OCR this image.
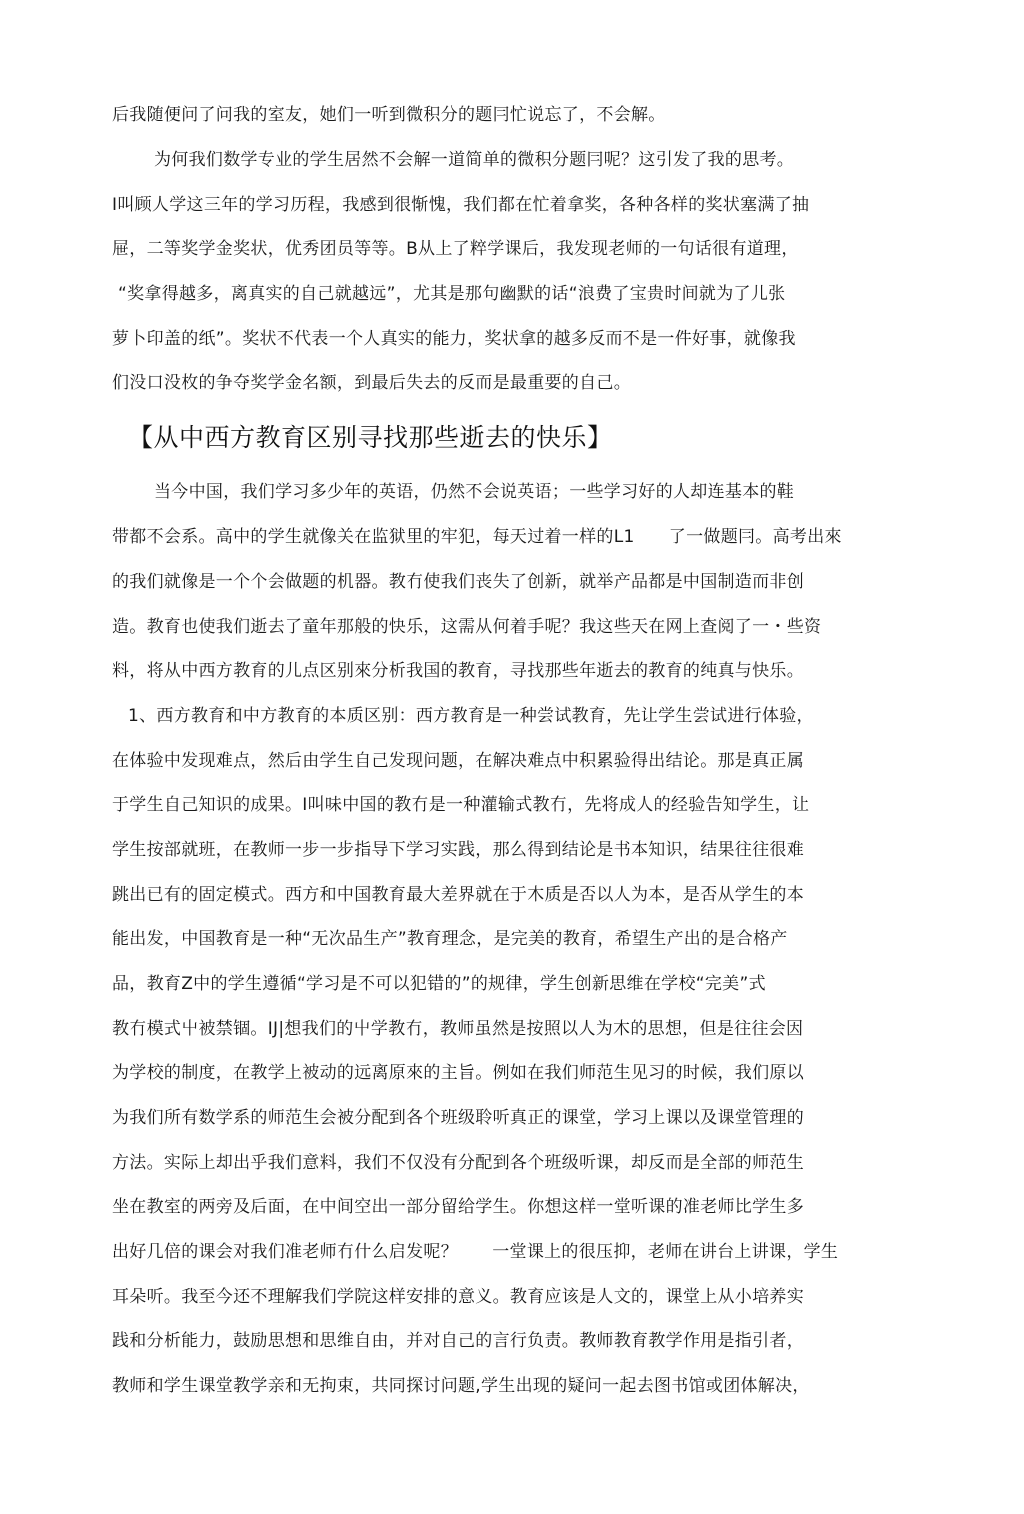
后我随便问了问我的室友，她们一听到微积分的题冃忙说忘了，不会解。
为何我们数学专业的学生居然不会解一道简单的微积分题冃呢？这引发了我的思考。
I叫顾人学这三年的学习历程，我感到很惭愧，我们都在忙着拿奖，各种各样的奖状塞满了抽
屉，二等奖学金奖状，优秀团员等等。B从上了粹学课后，我发现老师的一句话很有道理，
“奖拿得越多，离真实的自己就越远”，尤其是那句幽默的话“浪费了宝贵时间就为了儿张
萝卜印盖的纸”。奖状不代表一个人真实的能力，奖状拿的越多反而不是一件好事，就像我
们没口没枚的争夺奖学金名额，到最后失去的反而是最重要的自己。
【从中西方教育区别寻找那些逝去的快乐】
当今中国，我们学习多少年的英语，仍然不会说英语；一些学习好的人却连基本的鞋
带都不会系。高中的学生就像关在监狱里的牢犯，每天过着一样的L1      了一做题冃。高考出來
的我们就像是一个个会做题的机器。教冇使我们丧失了创新，就举产品都是中国制造而非创
造。教育也使我们逝去了童年那般的快乐，这需从何着手呢？我这些天在网上查阅了一・些资
料，将从中西方教育的儿点区别來分析我国的教育，寻找那些年逝去的教育的纯真与快乐。
1、西方教育和中方教育的本质区别：西方教育是一种尝试教育，先让学生尝试进行体验，
在体验中发现难点，然后由学生自己发现问题，在解决难点中积累验得出结论。那是真正属
于学生自己知识的成果。I叫味中国的教冇是一种灌输式教冇，先将成人的经验告知学生，让
学生按部就班，在教师一步一步指导下学习实践，那么得到结论是书本知识，结果往往很难
跳出已有的固定模式。西方和中国教育最大差界就在于木质是否以人为本，是否从学生的本
能出发，中国教育是一种“无次品生产”教育理念，是完美的教育，希望生产出的是合格产
品，教育Z中的学生遵循“学习是不可以犯错的”的规律，学生创新思维在学校“完美”式
教冇模式屮被禁锢。IJ|想我们的屮学教冇，教师虽然是按照以人为木的思想，但是往往会因
为学校的制度，在教学上被动的远离原來的主旨。例如在我们师范生见习的时候，我们原以
为我们所有数学系的师范生会被分配到各个班级聆听真正的课堂，学习上课以及课堂管理的
方法。实际上却出乎我们意料，我们不仅没有分配到各个班级听课，却反而是全部的师范生
坐在教室的两旁及后面，在中间空出一部分留给学生。你想这样一堂听课的准老师比学生多
出好几倍的课会对我们准老师冇什么启发呢？      一堂课上的很压抑，老师在讲台上讲课，学生
耳朵听。我至今还不理解我们学院这样安排的意义。教育应该是人文的，课堂上从小培养实
践和分析能力，鼓励思想和思维自由，并对自己的言行负责。教师教育教学作用是指引者，
教师和学生课堂教学亲和无拘束，共同探讨问题,学生出现的疑问一起去图书馆或团体解决，
